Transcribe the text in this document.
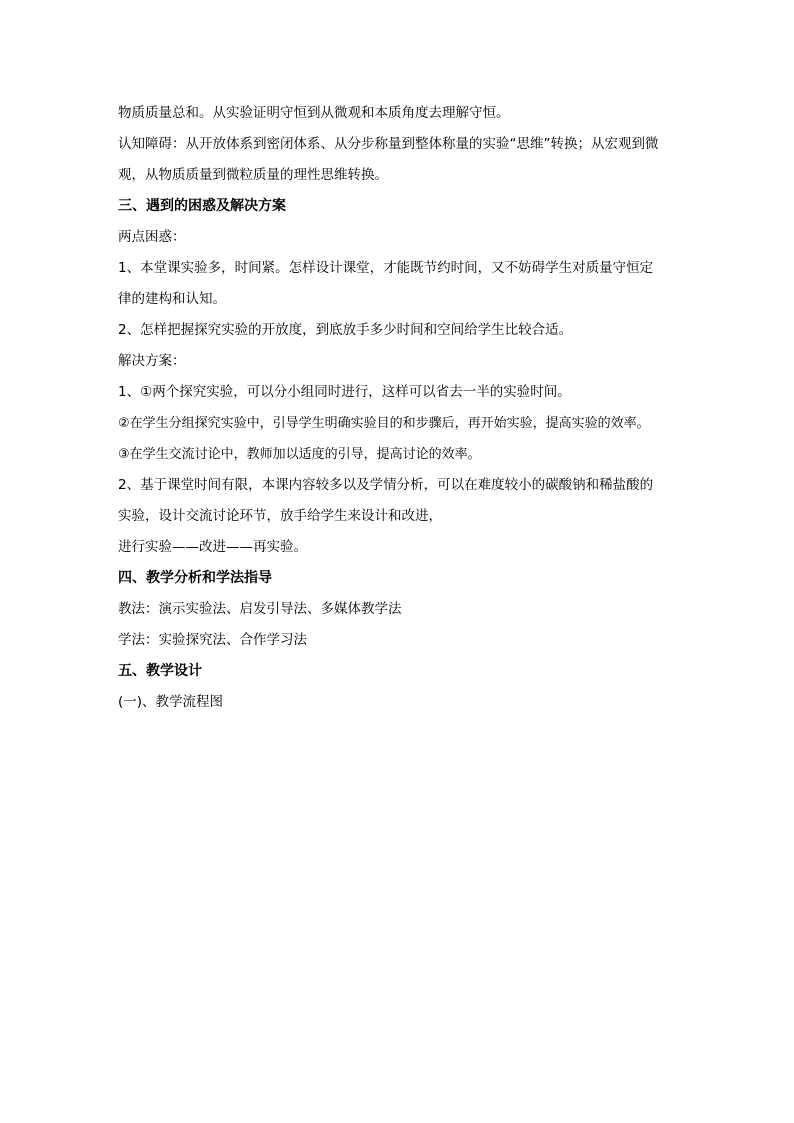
物质质量总和。从实验证明守恒到从微观和本质角度去理解守恒。
认知障碍：从开放体系到密闭体系、从分步称量到整体称量的实验“思维”转换；从宏观到微
观，从物质质量到微粒质量的理性思维转换。
三、遇到的困惑及解决方案
两点困惑：
1、本堂课实验多，时间紧。怎样设计课堂，才能既节约时间，又不妨碍学生对质量守恒定
律的建构和认知。
2、怎样把握探究实验的开放度，到底放手多少时间和空间给学生比较合适。
解决方案：
1、①两个探究实验，可以分小组同时进行，这样可以省去一半的实验时间。
②在学生分组探究实验中，引导学生明确实验目的和步骤后，再开始实验，提高实验的效率。
③在学生交流讨论中，教师加以适度的引导，提高讨论的效率。
2、基于课堂时间有限，本课内容较多以及学情分析，可以在难度较小的碳酸钠和稀盐酸的
实验，设计交流讨论环节，放手给学生来设计和改进，
进行实验——改进——再实验。
四、教学分析和学法指导
教法：演示实验法、启发引导法、多媒体教学法
学法：实验探究法、合作学习法
五、教学设计
(一)、教学流程图
